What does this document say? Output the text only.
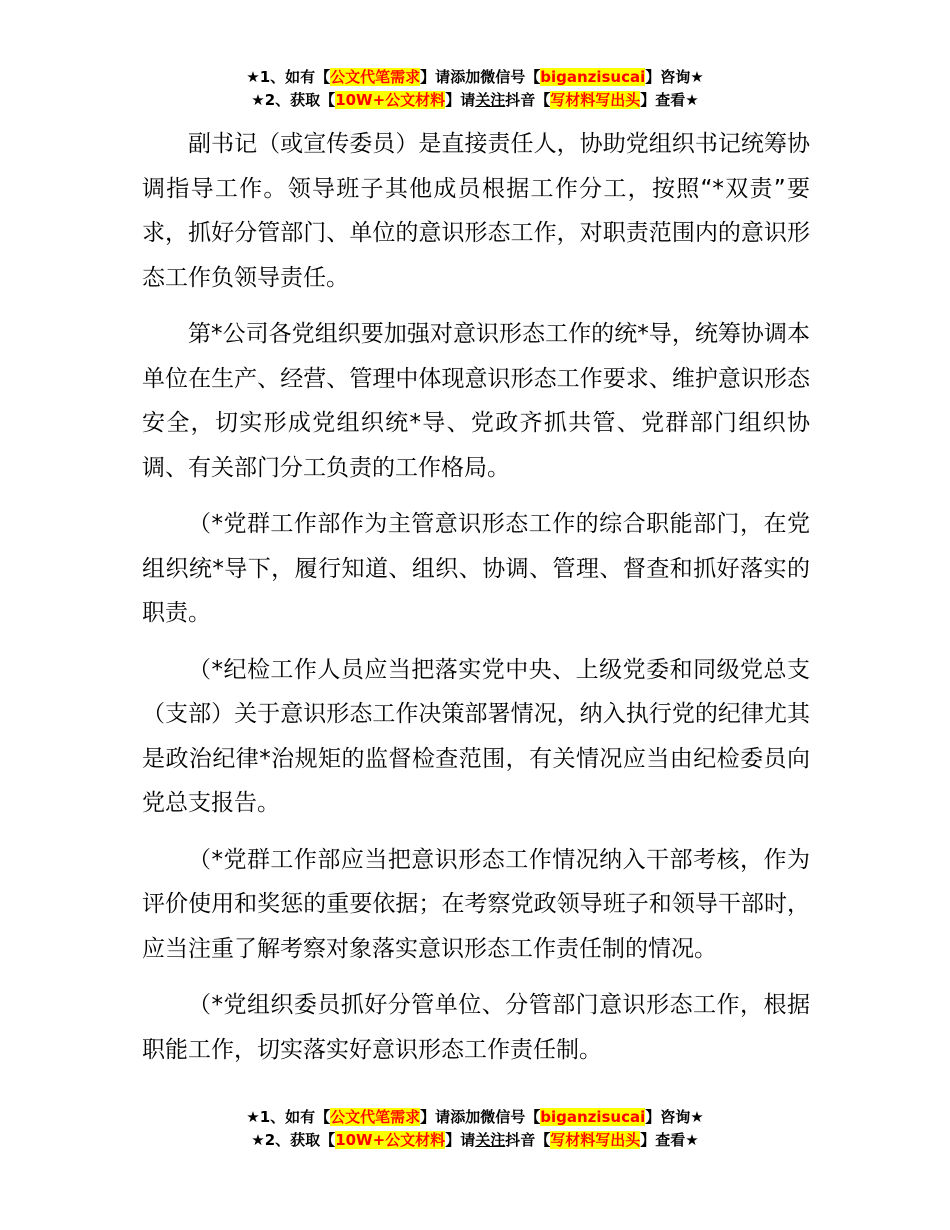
★1、如有【公文代笔需求】请添加微信号【biganzisucai】咨询★
★2、获取【10W+公文材料】请关注抖音【写材料写出头】查看★

副书记（或宣传委员）是直接责任人，协助党组织书记统筹协调指导工作。领导班子其他成员根据工作分工，按照“*双责”要求，抓好分管部门、单位的意识形态工作，对职责范围内的意识形态工作负领导责任。

第*公司各党组织要加强对意识形态工作的统*导，统筹协调本单位在生产、经营、管理中体现意识形态工作要求、维护意识形态安全，切实形成党组织统*导、党政齐抓共管、党群部门组织协调、有关部门分工负责的工作格局。

（*党群工作部作为主管意识形态工作的综合职能部门，在党组织统*导下，履行知道、组织、协调、管理、督查和抓好落实的职责。

（*纪检工作人员应当把落实党中央、上级党委和同级党总支（支部）关于意识形态工作决策部署情况，纳入执行党的纪律尤其是政治纪律*治规矩的监督检查范围，有关情况应当由纪检委员向党总支报告。

（*党群工作部应当把意识形态工作情况纳入干部考核，作为评价使用和奖惩的重要依据；在考察党政领导班子和领导干部时，应当注重了解考察对象落实意识形态工作责任制的情况。

（*党组织委员抓好分管单位、分管部门意识形态工作，根据职能工作，切实落实好意识形态工作责任制。

★1、如有【公文代笔需求】请添加微信号【biganzisucai】咨询★
★2、获取【10W+公文材料】请关注抖音【写材料写出头】查看★
